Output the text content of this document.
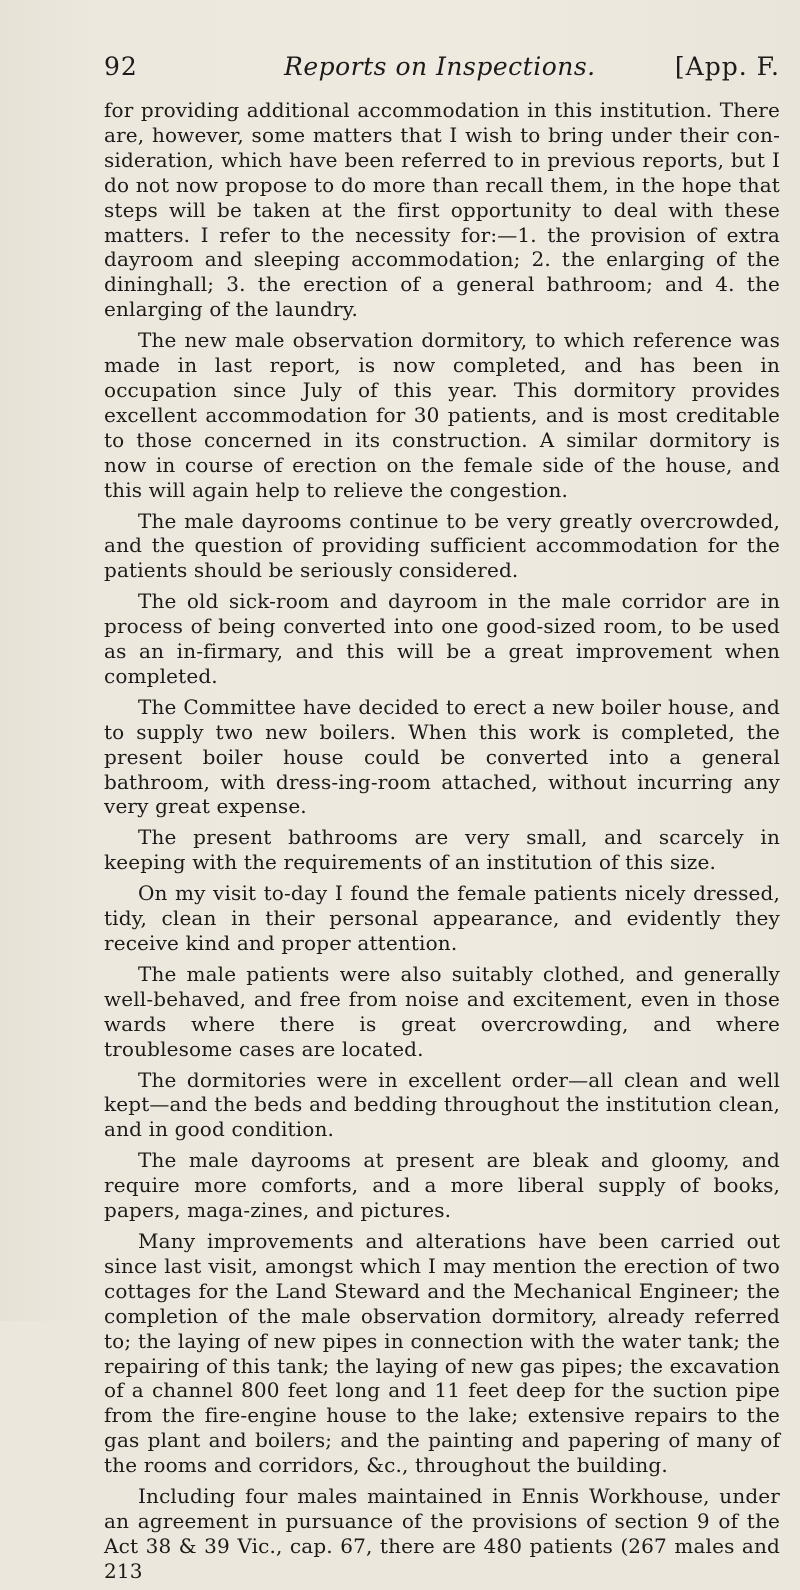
92	Reports on Inspections.	[App. F.

for providing additional accommodation in this institution. There are, however, some matters that I wish to bring under their con-sideration, which have been referred to in previous reports, but I do not now propose to do more than recall them, in the hope that steps will be taken at the first opportunity to deal with these matters. I refer to the necessity for:—1. the provision of extra dayroom and sleeping accommodation; 2. the enlarging of the dininghall; 3. the erection of a general bathroom; and 4. the enlarging of the laundry.

The new male observation dormitory, to which reference was made in last report, is now completed, and has been in occupation since July of this year. This dormitory provides excellent accommodation for 30 patients, and is most creditable to those concerned in its construction. A similar dormitory is now in course of erection on the female side of the house, and this will again help to relieve the congestion.

The male dayrooms continue to be very greatly overcrowded, and the question of providing sufficient accommodation for the patients should be seriously considered.

The old sick-room and dayroom in the male corridor are in process of being converted into one good-sized room, to be used as an in-firmary, and this will be a great improvement when completed.

The Committee have decided to erect a new boiler house, and to supply two new boilers. When this work is completed, the present boiler house could be converted into a general bathroom, with dress-ing-room attached, without incurring any very great expense.

The present bathrooms are very small, and scarcely in keeping with the requirements of an institution of this size.

On my visit to-day I found the female patients nicely dressed, tidy, clean in their personal appearance, and evidently they receive kind and proper attention.

The male patients were also suitably clothed, and generally well-behaved, and free from noise and excitement, even in those wards where there is great overcrowding, and where troublesome cases are located.

The dormitories were in excellent order—all clean and well kept—and the beds and bedding throughout the institution clean, and in good condition.

The male dayrooms at present are bleak and gloomy, and require more comforts, and a more liberal supply of books, papers, maga-zines, and pictures.

Many improvements and alterations have been carried out since last visit, amongst which I may mention the erection of two cottages for the Land Steward and the Mechanical Engineer; the completion of the male observation dormitory, already referred to; the laying of new pipes in connection with the water tank; the repairing of this tank; the laying of new gas pipes; the excavation of a channel 800 feet long and 11 feet deep for the suction pipe from the fire-engine house to the lake; extensive repairs to the gas plant and boilers; and the painting and papering of many of the rooms and corridors, &c., throughout the building.

Including four males maintained in Ennis Workhouse, under an agreement in pursuance of the provisions of section 9 of the Act 38 & 39 Vic., cap. 67, there are 480 patients (267 males and 213
